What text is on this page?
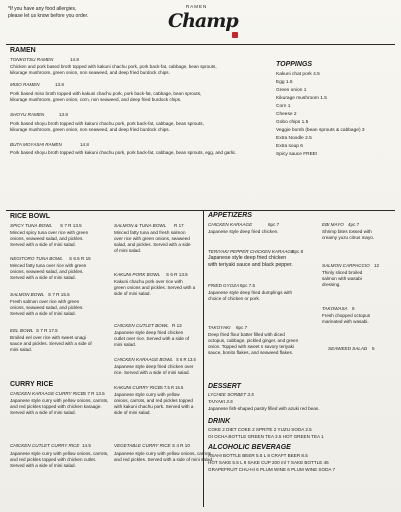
*If you have any food allergies,
please let us know before you order.
RAMEN
Champ
RAMEN
TONKOTSU RAMEN	14.8
Chicken and pork based broth topped with kakuni chachu pork, pork back-fat, cabbage, bean sprouts,
kikurage mushroom, green onion, non seaweed, and deep fried burdock chips.
MISO RAMEN	13.8
Pork based miso broth topped with kakuni chachu pork, pork back-fat, cabbage, bean sprouts,
kikurage mushroom, green onion, corn, non seaweed, and deep fried burdock chips.
SHOYU RAMEN	13.8
Pork based shoyu broth topped with kakuni chachu pork, pork back-fat, cabbage, bean sprouts,
kikurage mushroom, green onion, non seaweed, and deep fried burdock chips.
BUTA MOYASHI RAMEN	14.8
Pork based shoyu broth topped with kakuni chachu pork, pork back-fat, cabbage, bean sprouts, egg, and garlic.
TOPPINGS
Kakuni chat pork 4.5
Egg 1.5
Green onion 1
Kikurage mushroom 1.5
Corn 1
Cheese 2
Gobo chips 1.5
Veggie bomb (bean sprouts & cabbage) 3
Extra Noodle 2.5
Extra soup 6
Spicy sauce FREE!
RICE BOWL
SPICY TUNA BOWL S 7 R 13.5
Minced spicy tuna over rice with green
onions, seaweed salad, and pickles.
Served with a side of mini salad.
NEGITORO TUNA BOWL S 6.5 R 15
Minced fatty tuna over rice with green
onions, seaweed salad, and pickles.
Served with a side of mini salad.
SALMON BOWL S 7 R 15.5
Fresh salmon over rice with green
onions, seaweed salad, and pickles.
Served with a side of mini salad.
EEL BOWL S 7 R 17.5
Broiled eel over rice with sweet unagi
sauce and pickles. Served with a side of
mini salad.
SALMON & TUNA BOWL R 17
Minced fatty tuna and fresh salmon
over rice with green onions, seaweed
salad, and pickles. Served with a side
of mini salad.
KAKUNI PORK BOWL S 6 R 13.5
Kakuni chachu pork over rice with
green onions and pickles. Served with a
side of mini salad.
CHICKEN CUTLET BOWL R 13
Japanese style deep fried chicken
cutlet over rice. Served with a side of
mini salad.
CHICKEN KARAAGE BOWL S 6 R 13.5
Japanese style deep fried chicken over
rice. Served with a side of mini salad.
CURRY RICE
CHICKEN KARAAGE CURRY RICE S 7 R 13.5
Japanese style curry with yellow onions, carrots,
and red pickles topped with chicken karaage.
Served with a side of mini salad.
KAKUNI CURRY RICE S 7.5 R 15.5
Japanese style curry with yellow
onions, carrots, and red pickles topped
with kakuni chachu pork. Served with a
side of mini salad.
CHICKEN CUTLET CURRY RICE 14.5
Japanese style curry with yellow onions, carrots,
and red pickles topped with chicken cutlet.
Served with a side of mini salad.
VEGETABLE CURRY RICE S 4 R 10
Japanese style curry with yellow onions, carrots,
and red pickles. Served with a side of mini salad.
APPETIZERS
CHICKEN KARAAGE	6pc 7
Japanese style deep fried chicken.
TERIYAKI PEPPER CHICKEN KARAAGE
6pc 8
Japanese style deep fried chicken
with teriyaki sauce and black pepper.
FRIED GYOZA 6pc 7.5
Japanese style deep fried dumplings with
choice of chicken or pork.
TAKOYAKI 6pc 7
Deep fried flour batter filled with diced
octopus, cabbage, pickled ginger, and green
onion. Topped with sweet n savory teriyaki
sauce, bonito flakes, and seaweed flakes.
EBI MAYO 4pc 7
Shrimp bites tossed with
creamy yuzu citrus mayo.
SALMON CARPACCIO 12
Thinly sliced broiled
salmon with wasabi
dressing.
TAKOWASA 6
Fresh chopped octopus
marinated with wasabi.
SEAWEED SALAD 5
DESSERT
LYCHEE SORBET 3.5
TAIYAKI 3.5
Japanese fish-shaped pastry filled with azuki red bean.
DRINK
COKE 2 DIET COKE 2 SPRITE 2 YUZU SODA 2.5
OI OCHA BOTTLE GREEN TEA 3.5 HOT GREEN TEA 1
ALCOHOLIC BEVERAGE
ASAHI BOTTLE BEER 5.5 L 8 CRAFT BEER 8.5
HOT SAKE 5.5 L 8 SAKE CUP 200 ml 7 SAKE BOTTLE 45
GRAPEFRUIT CHU-HI 6 PLUM WINE 6 PLUM WINE SODA 7
